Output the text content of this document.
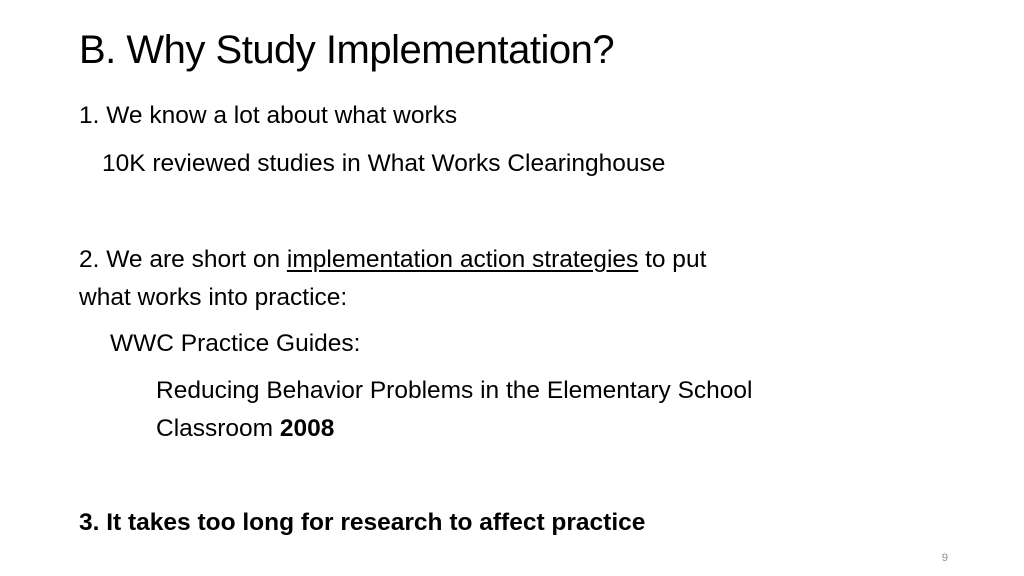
B. Why Study Implementation?
1. We know a lot about what works
10K reviewed studies in What Works Clearinghouse
2. We are short on implementation action strategies to put
what works into practice:
WWC Practice Guides:
Reducing Behavior Problems in the Elementary School
Classroom 2008
3. It takes too long for research to affect practice
9
